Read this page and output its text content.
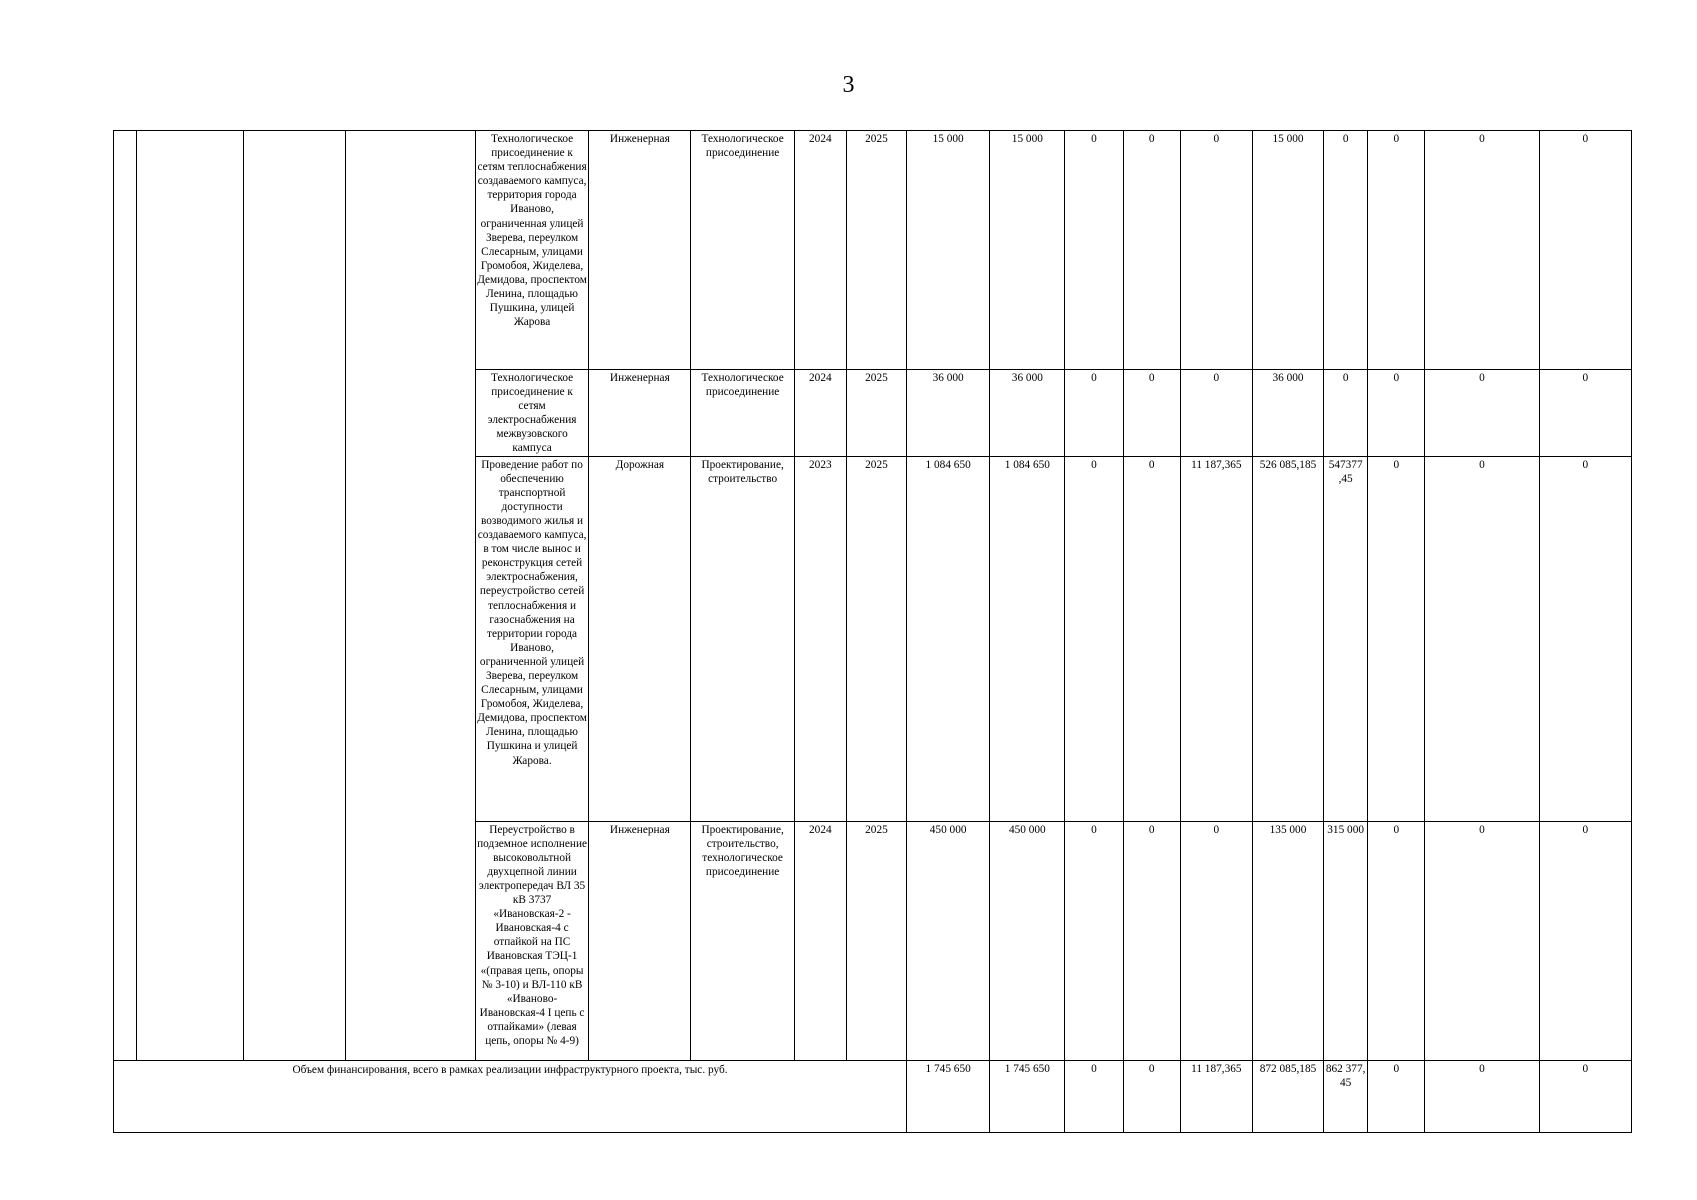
3
				Технологическое присоединение к сетям теплоснабжения создаваемого кампуса, территория города Иваново, ограниченная улицей Зверева, переулком Слесарным, улицами Громобоя, Жиделева, Демидова, проспектом Ленина, площадью Пушкина, улицей Жарова	Инженерная	Технологическое присоединение	2024	2025	15 000	15 000	0	0	0	15 000	0	0	0	0
				Технологическое присоединение к сетям электроснабжения межвузовского кампуса	Инженерная	Технологическое присоединение	2024	2025	36 000	36 000	0	0	0	36 000	0	0	0	0
				Проведение работ по обеспечению транспортной доступности возводимого жилья и создаваемого кампуса, в том числе вынос и реконструкция сетей электроснабжения, переустройство сетей теплоснабжения и газоснабжения на территории города Иваново, ограниченной улицей Зверева, переулком Слесарным, улицами Громобоя, Жиделева, Демидова, проспектом Ленина, площадью Пушкина и улицей Жарова.	Дорожная	Проектирование, строительство	2023	2025	1 084 650	1 084 650	0	0	11 187,365	526 085,185	547377 ,45	0	0	0
				Переустройство в подземное исполнение высоковольтной двухцепной линии электропередач ВЛ 35 кВ 3737 «Ивановская-2 - Ивановская-4 с отпайкой на ПС Ивановская ТЭЦ-1 «(правая цепь, опоры № 3-10) и ВЛ-110 кВ «Иваново-Ивановская-4 I цепь с отпайками» (левая цепь, опоры № 4-9)	Инженерная	Проектирование, строительство, технологическое присоединение	2024	2025	450 000	450 000	0	0	0	135 000	315 000	0	0	0
Объем финансирования, всего в рамках реализации инфраструктурного проекта, тыс. руб.									1 745 650	1 745 650	0	0	11 187,365	872 085,185	862 377, 45	0	0	0
